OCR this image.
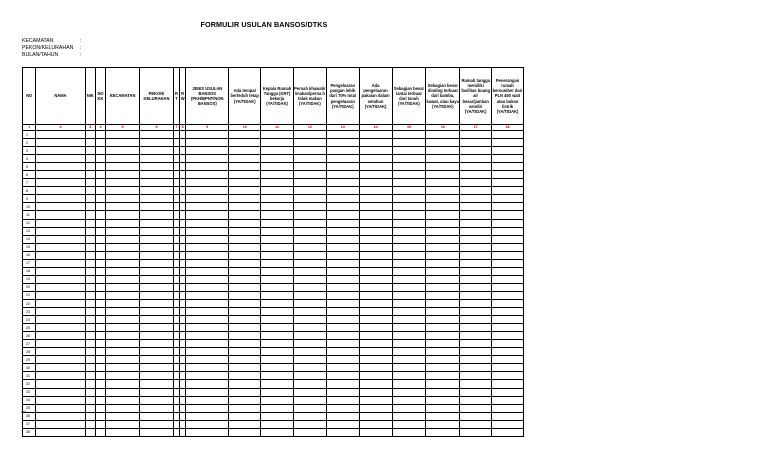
FORMULIR USULAN BANSOS/DTKS
KECAMATAN	:
PEKON/KELURAHAN	:
BULAN/TAHUN	:
NO	NAMA	NIK	NO KK	KECAMATAN	PEKON/ KELURAHAN	RT	RW	JENIS USULAN BANSOS (PKH/BPNT/NON BANSOS)	Ada tempat berteduh tetap (YA/TIDAK)	Kepala Rumah Tangga (KRT) bekerja (YA/TIDAK)	Pernah khawatir /makan/perna h tidak makan (YA/TIDAK)	Pengeluaran pangan lebih dari 70% total pengeluaran (YA/TIDAK)	Ada pengeluaran pakaian dalam setahun (YA/TIDAK)	Sebagian besar lantai terbuat dari tanah (YA/TIDAK)	Sebagian besar dinding terbuat dari bambu, kawat, atau kayu (YA/TIDAK)	Rumah tangga memiliki fasilitas buang air besar/jamban sendiri (YA/TIDAK)	Penerangan rumah bersumber dari PLN 450 watt atau bukan listrik (YA/TIDAK)
1	2	3	4	5	6	7	8	9	10	11	12	13	14	15	16	17	18
1																	
2																	
3																	
4																	
5																	
6																	
7																	
8																	
9																	
10																	
11																	
12																	
13																	
14																	
15																	
16																	
17																	
18																	
19																	
20																	
21																	
22																	
23																	
24																	
25																	
26																	
27																	
28																	
29																	
30																	
31																	
32																	
33																	
34																	
35																	
36																	
37																	
38																	
dst
